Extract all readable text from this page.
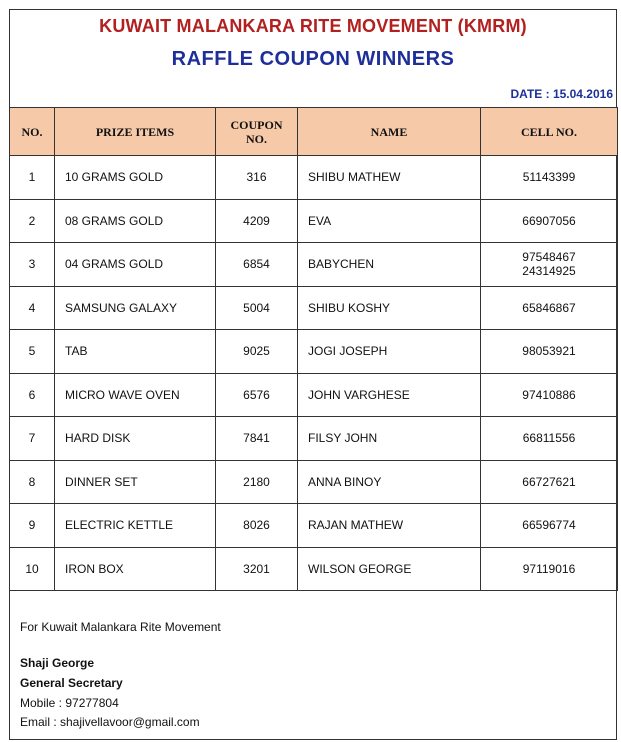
KUWAIT MALANKARA RITE MOVEMENT (KMRM)
RAFFLE COUPON WINNERS
DATE : 15.04.2016
NO.	PRIZE ITEMS	COUPON NO.	NAME	CELL NO.
1	10 GRAMS GOLD	316	SHIBU MATHEW	51143399

2	08 GRAMS GOLD	4209	EVA	66907056

3	04 GRAMS GOLD	6854	BABYCHEN	97548467
24314925

4	SAMSUNG GALAXY	5004	SHIBU KOSHY	65846867

5	TAB	9025	JOGI JOSEPH	98053921

6	MICRO WAVE OVEN	6576	JOHN VARGHESE	97410886

7	HARD DISK	7841	FILSY JOHN	66811556

8	DINNER SET	2180	ANNA BINOY	66727621

9	ELECTRIC KETTLE	8026	RAJAN MATHEW	66596774

10	IRON BOX	3201	WILSON GEORGE	97119016
For Kuwait Malankara Rite Movement
Shaji George
General Secretary
Mobile : 97277804
Email : shajivellavoor@gmail.com
